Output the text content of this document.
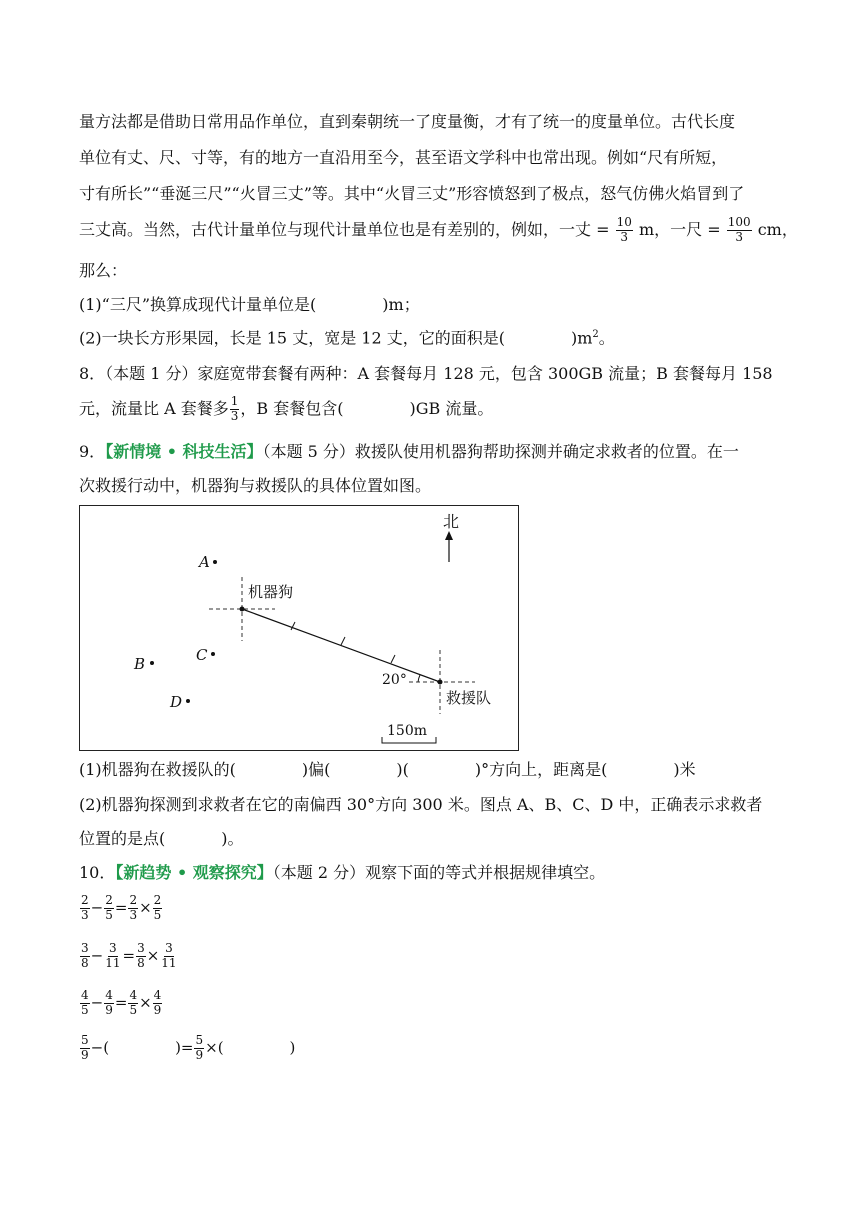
量方法都是借助日常用品作单位，直到秦朝统一了度量衡，才有了统一的度量单位。古代长度
单位有丈、尺、寸等，有的地方一直沿用至今，甚至语文学科中也常出现。例如“尺有所短，
寸有所长”“垂涎三尺”“火冒三丈”等。其中“火冒三丈”形容愤怒到了极点，怒气仿佛火焰冒到了
三丈高。当然，古代计量单位与现代计量单位也是有差别的，例如，一丈 = $\frac{10}{3}$ m，一尺 = $\frac{100}{3}$ cm，
那么：
(1)“三尺”换算成现代计量单位是(	)m；
(2)一块长方形果园，长是 15 丈，宽是 12 丈，它的面积是(	)$m^2$。
8．（本题 1 分）家庭宽带套餐有两种：A 套餐每月 128 元，包含 300GB 流量；B 套餐每月 158
元，流量比 A 套餐多 $\frac{1}{3}$ ，B 套餐包含(	)GB 流量。
9．【新情境 • 科技生活】（本题 5 分）救援队使用机器狗帮助探测并确定求救者的位置。在一
次救援行动中，机器狗与救援队的具体位置如图。
北
机器狗
救援队
20°
A
C
B
D
150m
(1)机器狗在救援队的(	)偏(	)(	)°方向上，距离是(	)米
(2)机器狗探测到求救者在它的南偏西 30°方向 300 米。图点 A、B、C、D 中，正确表示求救者
位置的是点(	)。
10．【新趋势 • 观察探究】（本题 2 分）观察下面的等式并根据规律填空。
$\frac{2}{3} - \frac{2}{5} = \frac{2}{3} \times \frac{2}{5}$
$\frac{3}{8} - \frac{3}{11} = \frac{3}{8} \times \frac{3}{11}$
$\frac{4}{5} - \frac{4}{9} = \frac{4}{5} \times \frac{4}{9}$
$\frac{5}{9}$ −(	)= $\frac{5}{9}$ ×(	)
